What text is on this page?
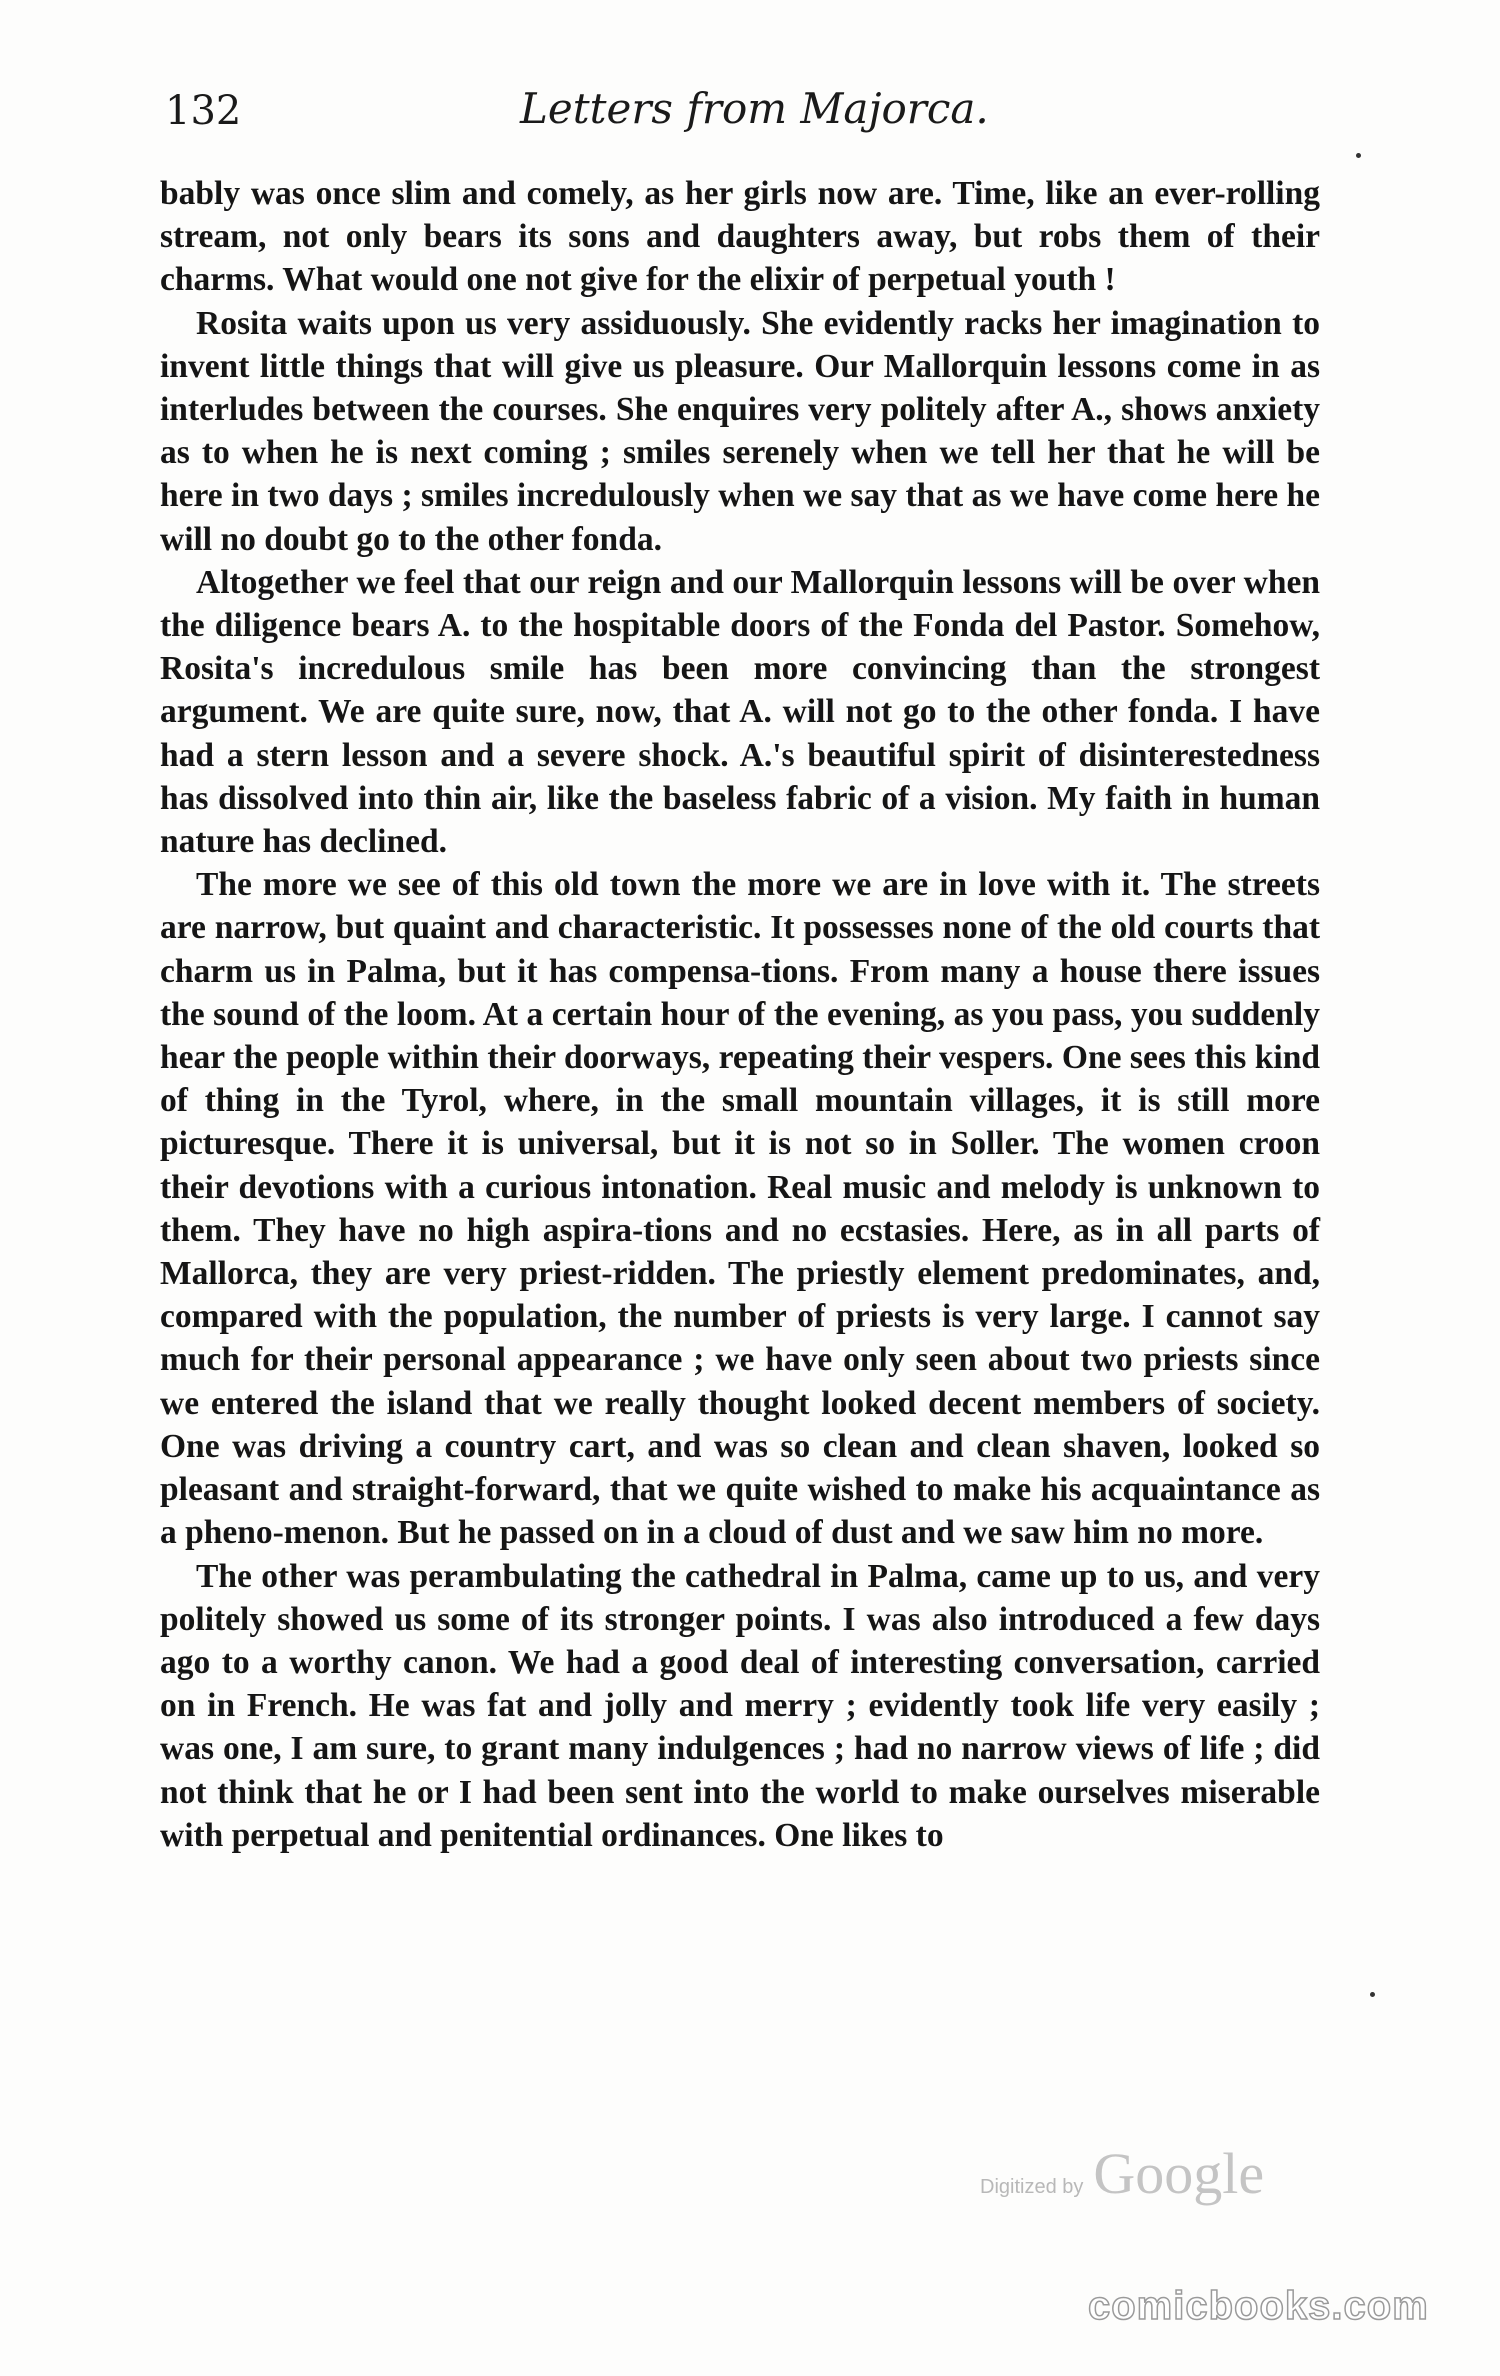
132	Letters from Majorca.

bably was once slim and comely, as her girls now are. Time, like an ever-rolling stream, not only bears its sons and daughters away, but robs them of their charms. What would one not give for the elixir of perpetual youth !

Rosita waits upon us very assiduously. She evidently racks her imagination to invent little things that will give us pleasure. Our Mallorquin lessons come in as interludes between the courses. She enquires very politely after A., shows anxiety as to when he is next coming ; smiles serenely when we tell her that he will be here in two days ; smiles incredulously when we say that as we have come here he will no doubt go to the other fonda.

Altogether we feel that our reign and our Mallorquin lessons will be over when the diligence bears A. to the hospitable doors of the Fonda del Pastor. Somehow, Rosita's incredulous smile has been more convincing than the strongest argument. We are quite sure, now, that A. will not go to the other fonda. I have had a stern lesson and a severe shock. A.'s beautiful spirit of disinterestedness has dissolved into thin air, like the baseless fabric of a vision. My faith in human nature has declined.

The more we see of this old town the more we are in love with it. The streets are narrow, but quaint and characteristic. It possesses none of the old courts that charm us in Palma, but it has compensa-tions. From many a house there issues the sound of the loom. At a certain hour of the evening, as you pass, you suddenly hear the people within their doorways, repeating their vespers. One sees this kind of thing in the Tyrol, where, in the small mountain villages, it is still more picturesque. There it is universal, but it is not so in Soller. The women croon their devotions with a curious intonation. Real music and melody is unknown to them. They have no high aspira-tions and no ecstasies. Here, as in all parts of Mallorca, they are very priest-ridden. The priestly element predominates, and, compared with the population, the number of priests is very large. I cannot say much for their personal appearance ; we have only seen about two priests since we entered the island that we really thought looked decent members of society. One was driving a country cart, and was so clean and clean shaven, looked so pleasant and straight-forward, that we quite wished to make his acquaintance as a pheno-menon. But he passed on in a cloud of dust and we saw him no more.

The other was perambulating the cathedral in Palma, came up to us, and very politely showed us some of its stronger points. I was also introduced a few days ago to a worthy canon. We had a good deal of interesting conversation, carried on in French. He was fat and jolly and merry ; evidently took life very easily ; was one, I am sure, to grant many indulgences ; had no narrow views of life ; did not think that he or I had been sent into the world to make ourselves miserable with perpetual and penitential ordinances. One likes to

Digitized by Google
comicbooks.com
